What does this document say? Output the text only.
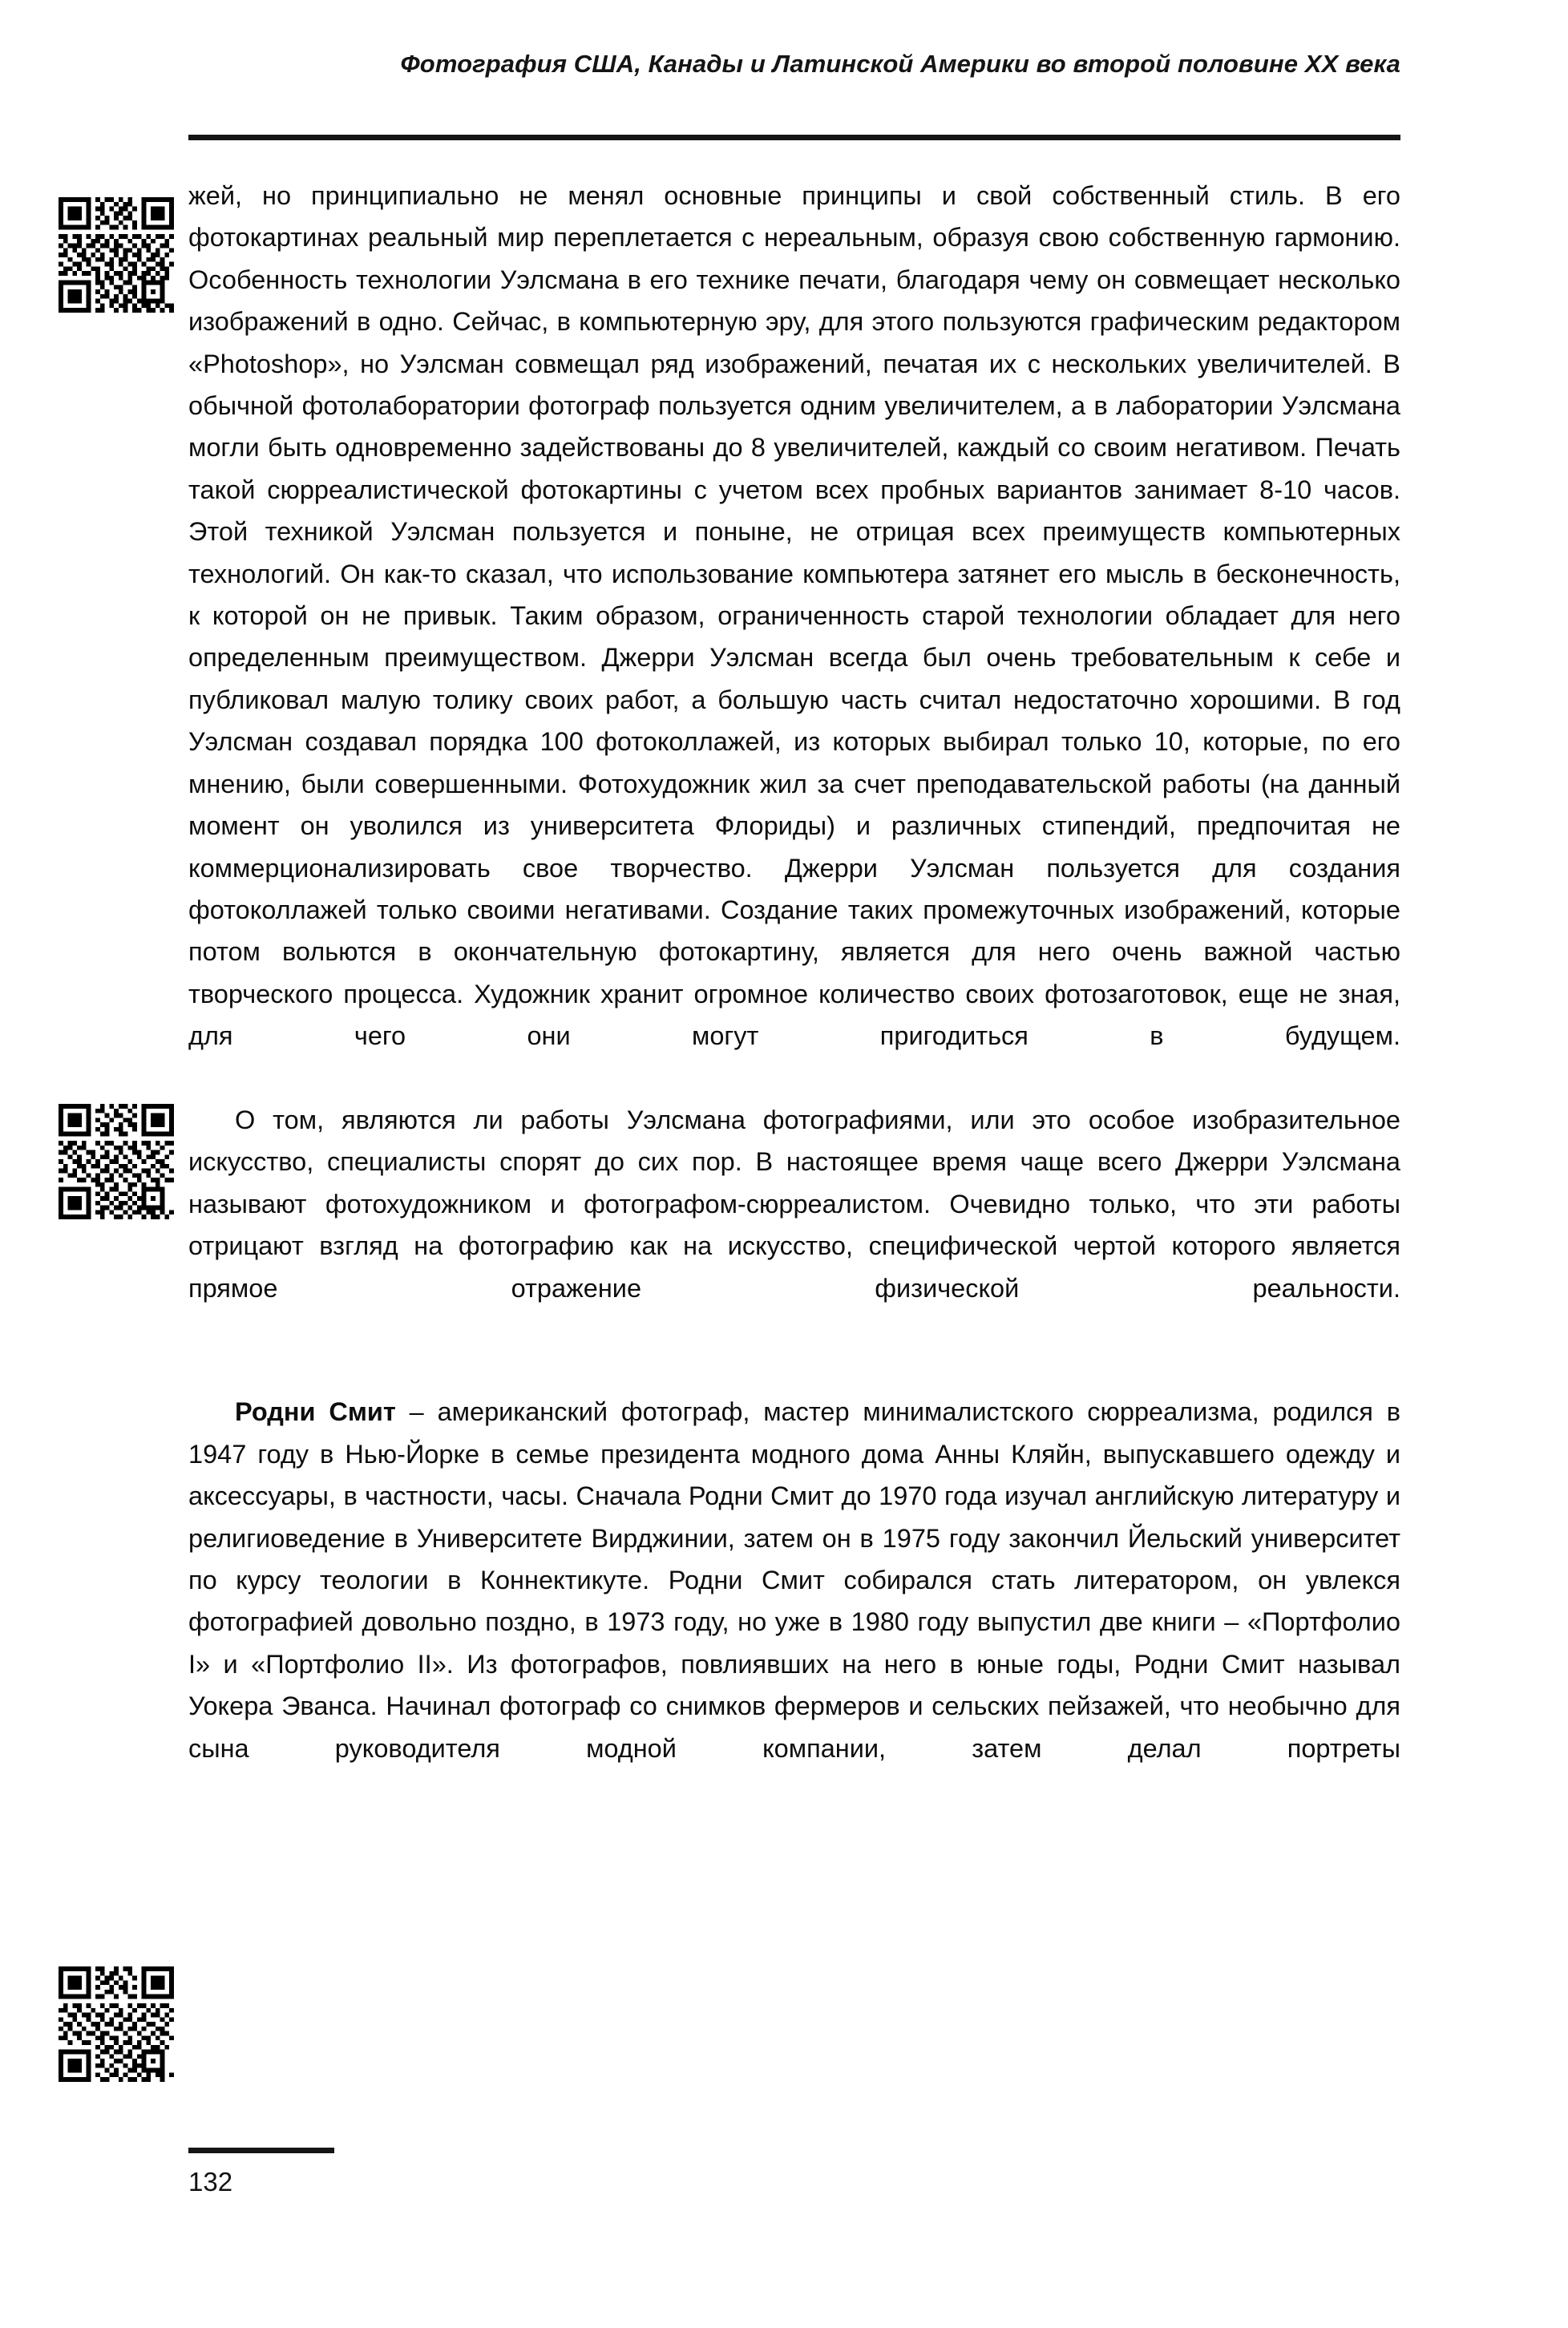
Фотография США, Канады и Латинской Америки во второй половине XX века

жей, но принципиально не менял основные принципы и свой собственный стиль. В его фотокартинах реальный мир переплетается с нереальным, образуя свою собственную гармонию. Особенность технологии Уэлсмана в его технике печати, благодаря чему он совмещает несколько изображений в одно. Сейчас, в компьютерную эру, для этого пользуются графическим редактором «Photoshop», но Уэлсман совмещал ряд изображений, печатая их с нескольких увеличителей. В обычной фотолаборатории фотограф пользуется одним увеличителем, а в лаборатории Уэлсмана могли быть одновременно задействованы до 8 увеличителей, каждый со своим негативом. Печать такой сюрреалистической фотокартины с учетом всех пробных вариантов занимает 8-10 часов. Этой техникой Уэлсман пользуется и поныне, не отрицая всех преимуществ компьютерных технологий. Он как-то сказал, что использование компьютера затянет его мысль в бесконечность, к которой он не привык. Таким образом, ограниченность старой технологии обладает для него определенным преимуществом. Джерри Уэлсман всегда был очень требовательным к себе и публиковал малую толику своих работ, а большую часть считал недостаточно хорошими. В год Уэлсман создавал порядка 100 фотоколлажей, из которых выбирал только 10, которые, по его мнению, были совершенными. Фотохудожник жил за счет преподавательской работы (на данный момент он уволился из университета Флориды) и различных стипендий, предпочитая не коммерционализировать свое творчество. Джерри Уэлсман пользуется для создания фотоколлажей только своими негативами. Создание таких промежуточных изображений, которые потом вольются в окончательную фотокартину, является для него очень важной частью творческого процесса. Художник хранит огромное количество своих фотозаготовок, еще не зная, для чего они могут пригодиться в будущем.

О том, являются ли работы Уэлсмана фотографиями, или это особое изобразительное искусство, специалисты спорят до сих пор. В настоящее время чаще всего Джерри Уэлсмана называют фотохудожником и фотографом-сюрреалистом. Очевидно только, что эти работы отрицают взгляд на фотографию как на искусство, специфической чертой которого является прямое отражение физической реальности.

Родни Смит – американский фотограф, мастер минималистского сюрреализма, родился в 1947 году в Нью-Йорке в семье президента модного дома Анны Кляйн, выпускавшего одежду и аксессуары, в частности, часы. Сначала Родни Смит до 1970 года изучал английскую литературу и религиоведение в Университете Вирджинии, затем он в 1975 году закончил Йельский университет по курсу теологии в Коннектикуте. Родни Смит собирался стать литератором, он увлекся фотографией довольно поздно, в 1973 году, но уже в 1980 году выпустил две книги – «Портфолио I» и «Портфолио II». Из фотографов, повлиявших на него в юные годы, Родни Смит называл Уокера Эванса. Начинал фотограф со снимков фермеров и сельских пейзажей, что необычно для сына руководителя модной компании, затем делал портреты

132
